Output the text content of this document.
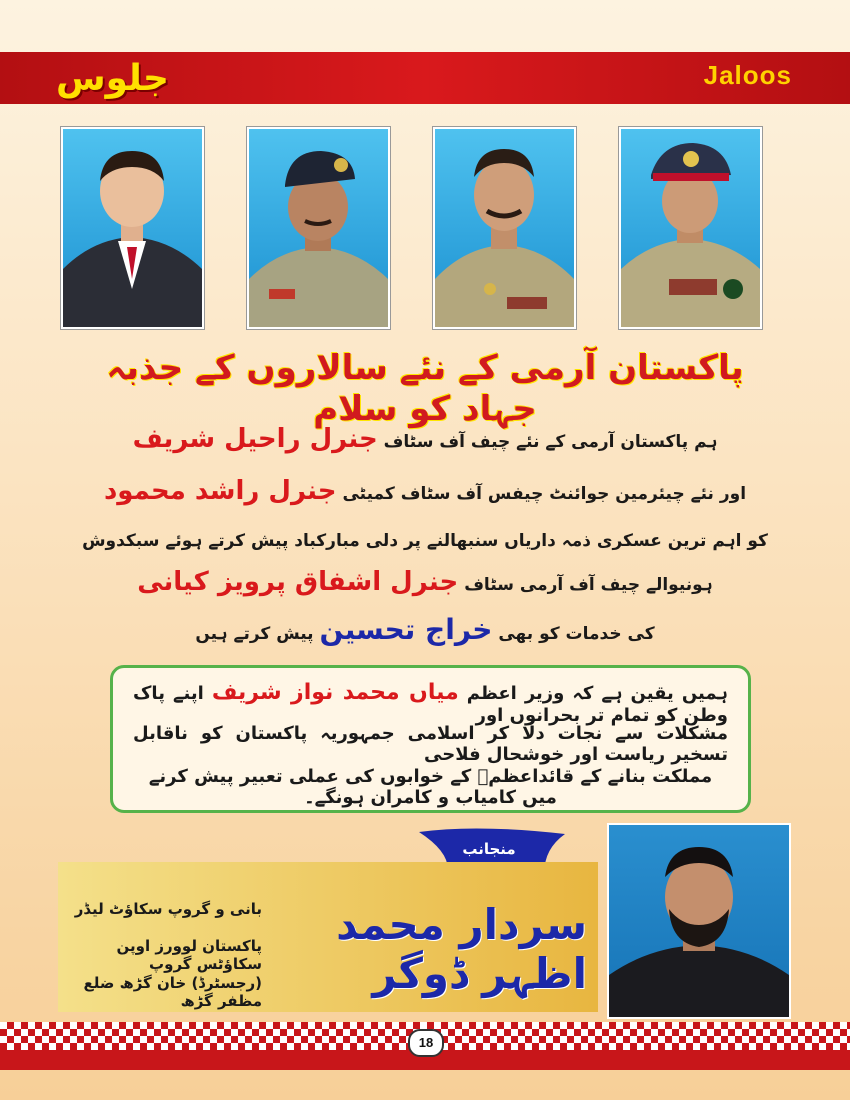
جلوس	Jaloos
پاکستان آرمی کے نئے سالاروں کے جذبہ جہاد کو سلام
ہم پاکستان آرمی کے نئے چیف آف سٹاف جنرل راحیل شریف
اور نئے چیئرمین جوائنٹ چیفس آف سٹاف کمیٹی جنرل راشد محمود
کو اہم ترین عسکری ذمہ داریاں سنبھالنے پر دلی مبارکباد پیش کرتے ہوئے سبکدوش
ہونیوالے چیف آف آرمی سٹاف جنرل اشفاق پرویز کیانی
کی خدمات کو بھی خراج تحسین پیش کرتے ہیں
ہمیں یقین ہے کہ وزیر اعظم میاں محمد نواز شریف اپنے پاک وطن کو تمام تر بحرانوں اور
مشکلات سے نجات دلا کر اسلامی جمہوریہ پاکستان کو ناقابل تسخیر ریاست اور خوشحال فلاحی
مملکت بنانے کے قائداعظمؒ کے خوابوں کی عملی تعبیر پیش کرنے میں کامیاب و کامران ہونگے۔
منجانب
سردار محمد اظہر ڈوگر
بانی و گروپ سکاؤٹ لیڈر
پاکستان لوورز اوپن سکاؤٹس گروپ
(رجسٹرڈ) خان گڑھ ضلع مظفر گڑھ
18
